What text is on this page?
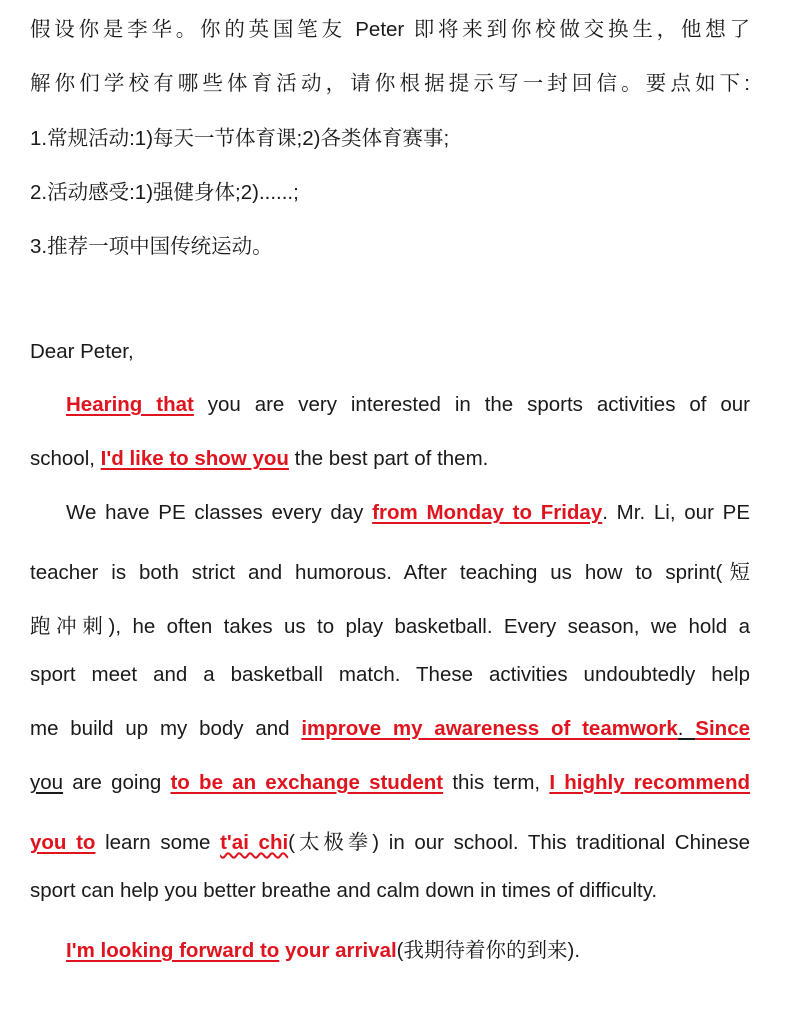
假设你是李华。你的英国笔友 Peter 即将来到你校做交换生，他想了

解你们学校有哪些体育活动，请你根据提示写一封回信。要点如下:

1.常规活动:1)每天一节体育课;2)各类体育赛事;

2.活动感受:1)强健身体;2)......;

3.推荐一项中国传统运动。

Dear Peter,

Hearing that you are very interested in the sports activities of our

school, I'd like to show you the best part of them.

We have PE classes every day from Monday to Friday. Mr. Li, our PE

teacher is both strict and humorous. After teaching us how to sprint(短

跑冲刺), he often takes us to play basketball. Every season, we hold a

sport meet and a basketball match. These activities undoubtedly help

me build up my body and improve my awareness of teamwork. Since

you are going to be an exchange student this term, I highly recommend

you to learn some t'ai chi(太极拳) in our school. This traditional Chinese

sport can help you better breathe and calm down in times of difficulty.

I'm looking forward to your arrival(我期待着你的到来).
